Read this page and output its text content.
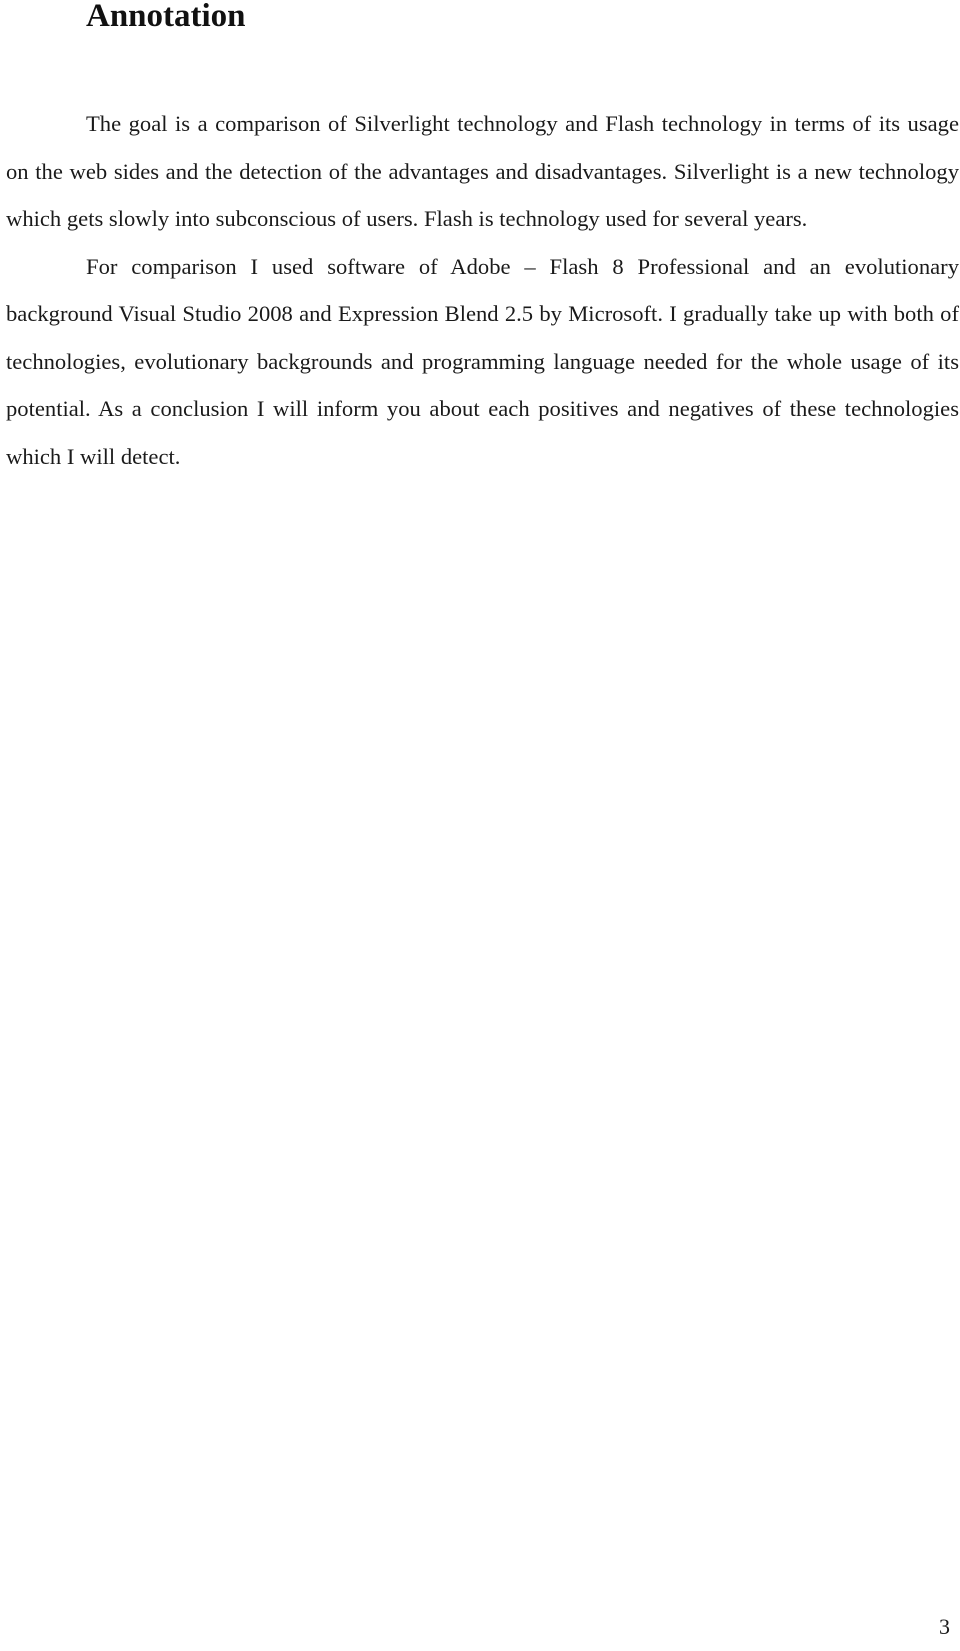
Annotation

The goal is a comparison of Silverlight technology and Flash technology in terms of its usage on the web sides and the detection of the advantages and disadvantages. Silverlight is a new technology which gets slowly into subconscious of users. Flash is technology used for several years.

For comparison I used software of Adobe – Flash 8 Professional and an evolutionary background Visual Studio 2008 and Expression Blend 2.5 by Microsoft. I gradually take up with both of technologies, evolutionary backgrounds and programming language needed for the whole usage of its potential. As a conclusion I will inform you about each positives and negatives of these technologies which I will detect.

3
